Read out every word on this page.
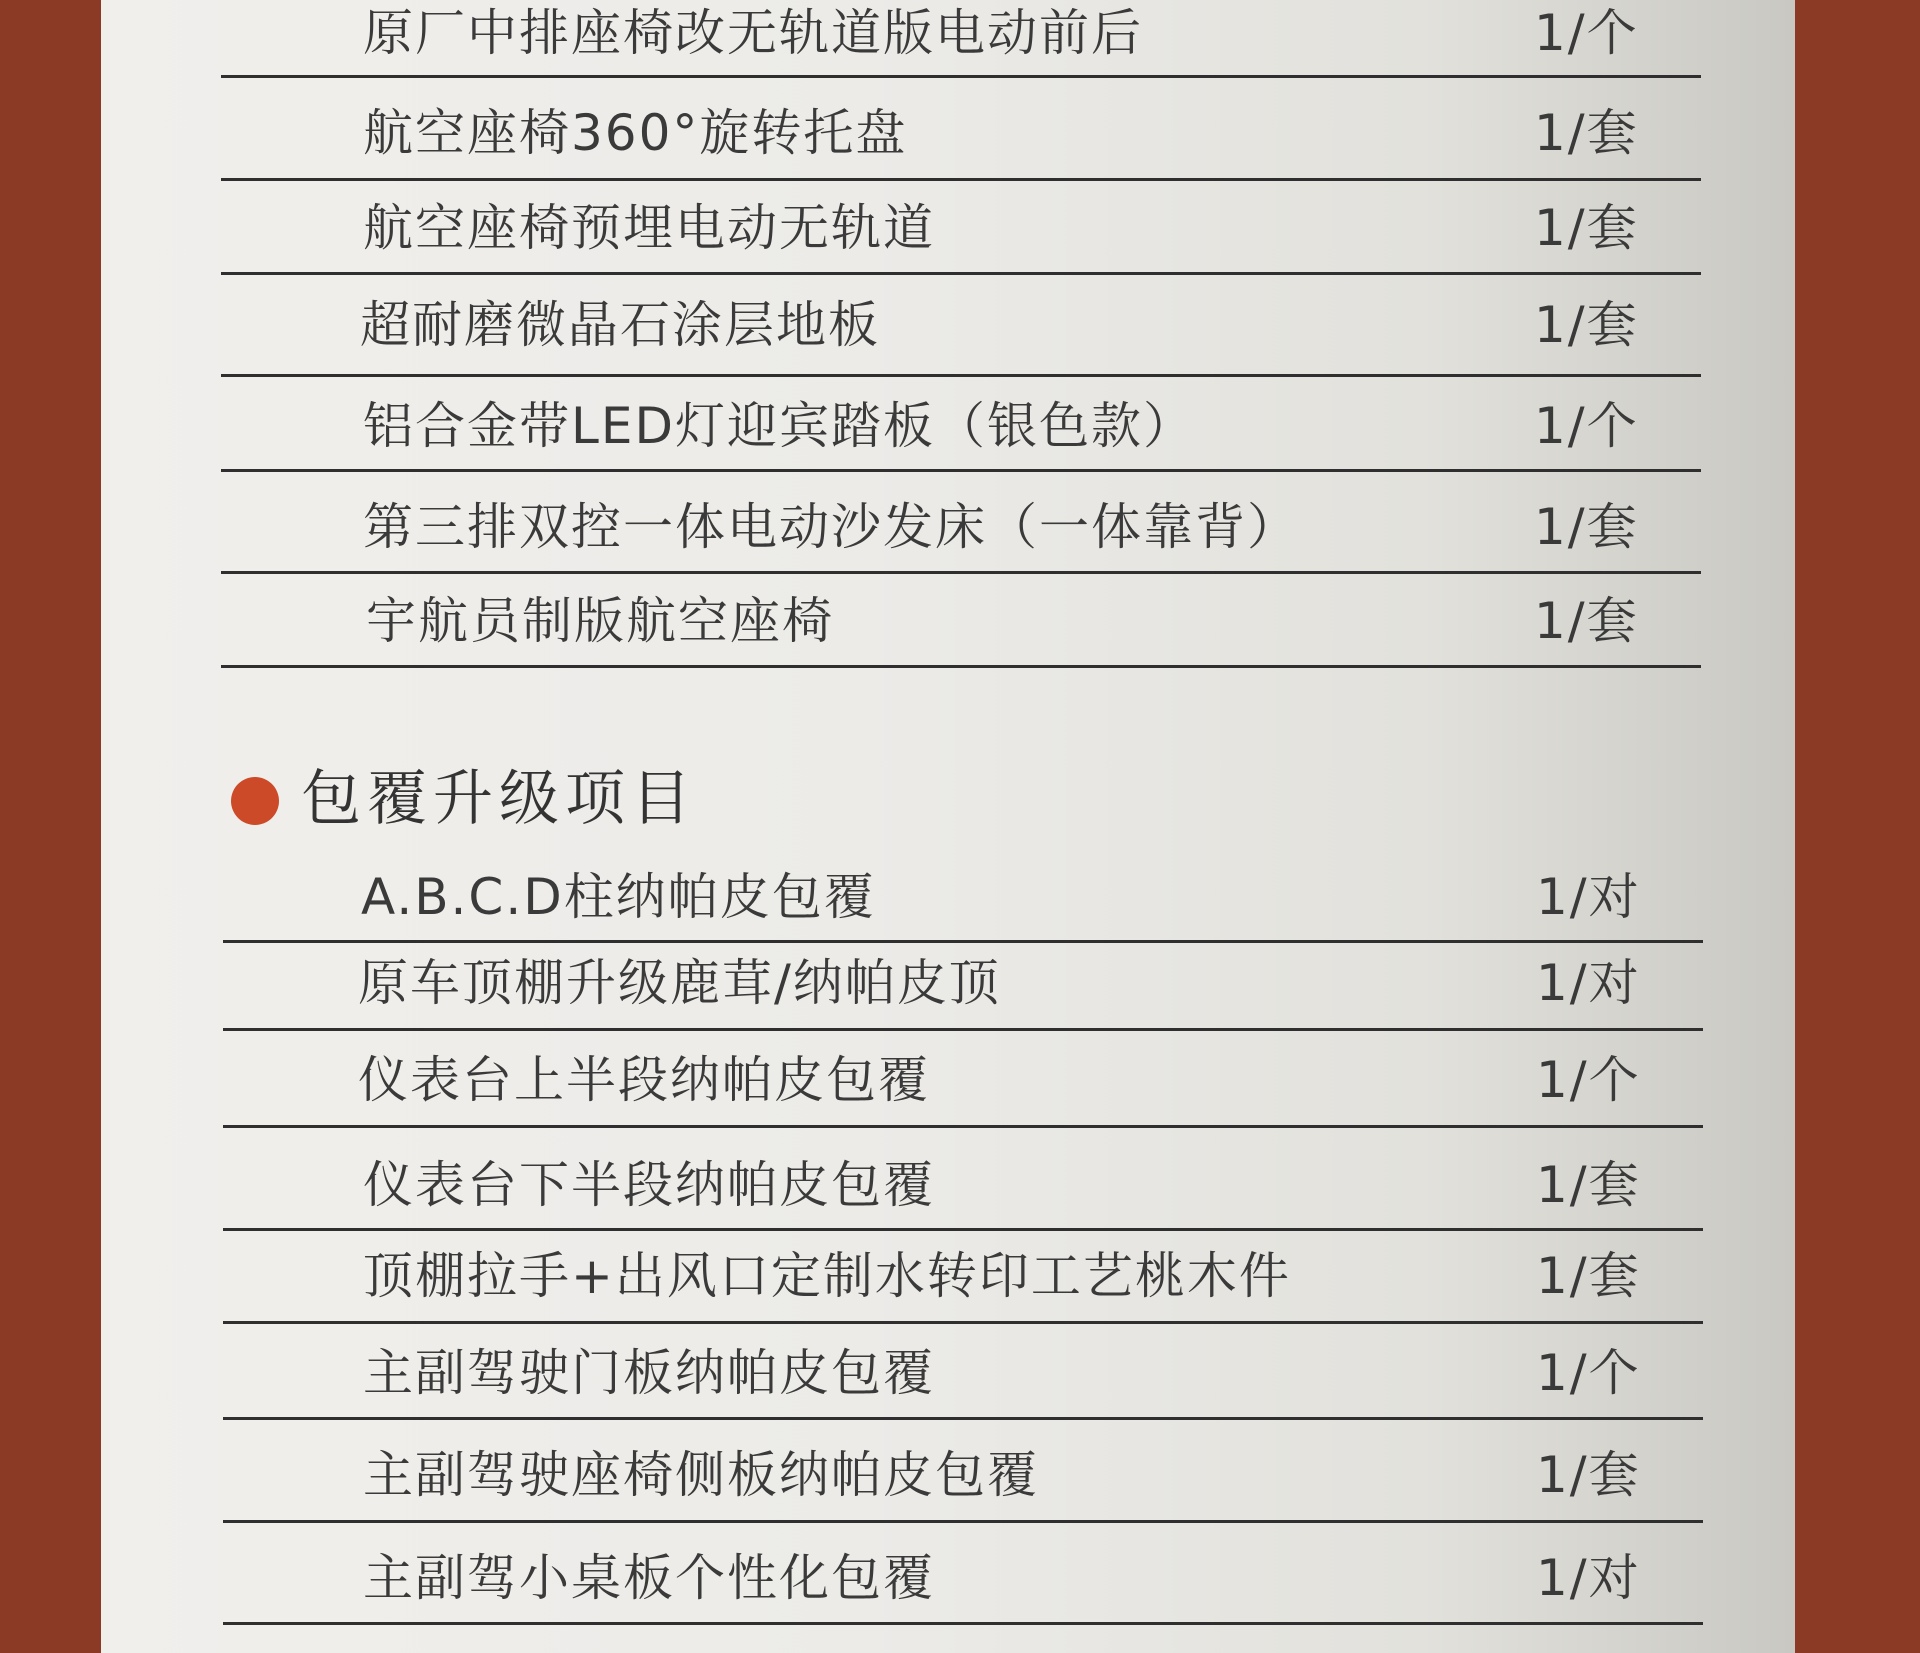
原厂中排座椅改无轨道版电动前后	1/个
航空座椅360°旋转托盘	1/套
航空座椅预埋电动无轨道	1/套
超耐磨微晶石涂层地板	1/套
铝合金带LED灯迎宾踏板（银色款）	1/个
第三排双控一体电动沙发床（一体靠背）	1/套
宇航员制版航空座椅	1/套
包覆升级项目
A.B.C.D柱纳帕皮包覆	1/对
原车顶棚升级鹿茸/纳帕皮顶	1/对
仪表台上半段纳帕皮包覆	1/个
仪表台下半段纳帕皮包覆	1/套
顶棚拉手+出风口定制水转印工艺桃木件	1/套
主副驾驶门板纳帕皮包覆	1/个
主副驾驶座椅侧板纳帕皮包覆	1/套
主副驾小桌板个性化包覆	1/对
